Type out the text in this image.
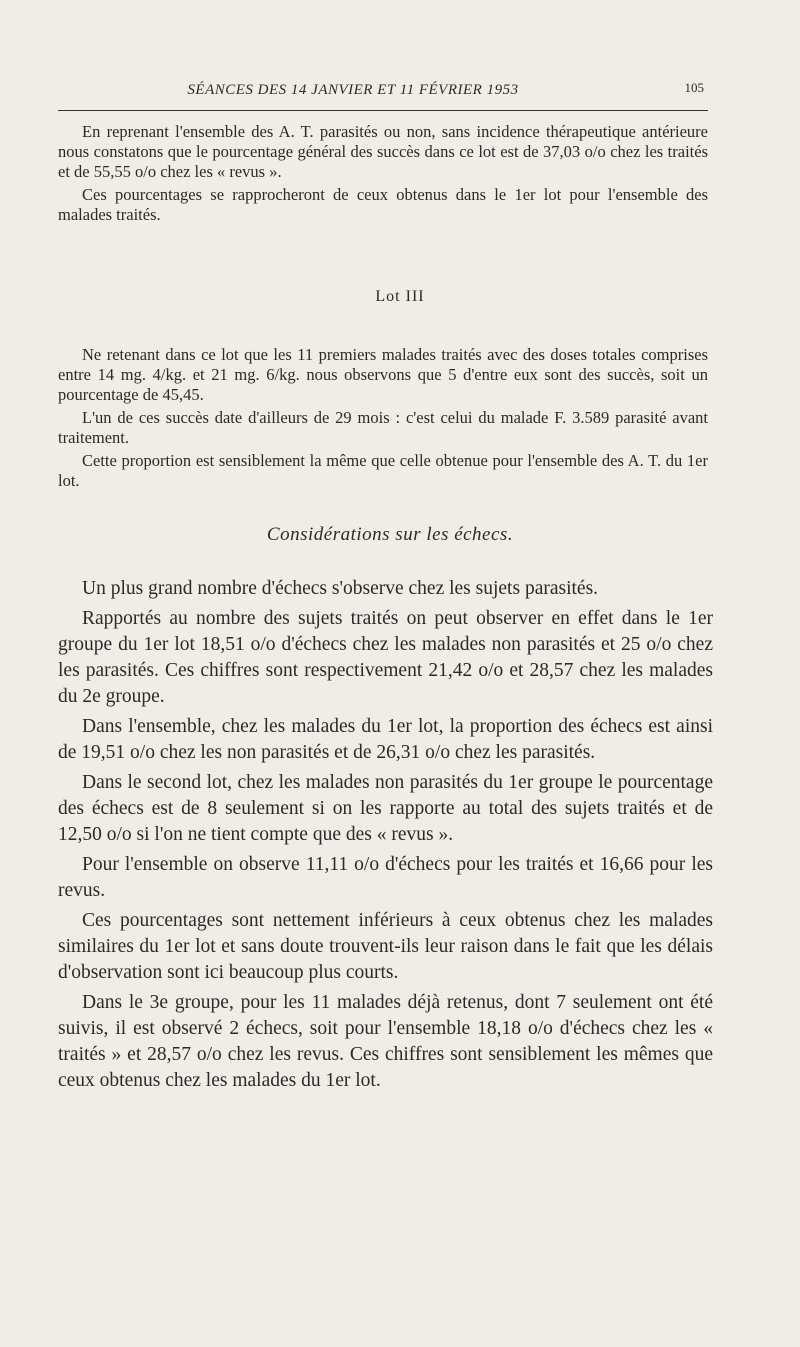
SÉANCES DES 14 JANVIER ET 11 FÉVRIER 1953	105

En reprenant l'ensemble des A. T. parasités ou non, sans incidence thérapeutique antérieure nous constatons que le pourcentage général des succès dans ce lot est de 37,03 o/o chez les traités et de 55,55 o/o chez les « revus ».

Ces pourcentages se rapprocheront de ceux obtenus dans le 1er lot pour l'ensemble des malades traités.

Lot III

Ne retenant dans ce lot que les 11 premiers malades traités avec des doses totales comprises entre 14 mg. 4/kg. et 21 mg. 6/kg. nous observons que 5 d'entre eux sont des succès, soit un pourcentage de 45,45.

L'un de ces succès date d'ailleurs de 29 mois : c'est celui du malade F. 3.589 parasité avant traitement.

Cette proportion est sensiblement la même que celle obtenue pour l'ensemble des A. T. du 1er lot.

Considérations sur les échecs.

Un plus grand nombre d'échecs s'observe chez les sujets parasités.

Rapportés au nombre des sujets traités on peut observer en effet dans le 1er groupe du 1er lot 18,51 o/o d'échecs chez les malades non parasités et 25 o/o chez les parasités. Ces chiffres sont respectivement 21,42 o/o et 28,57 chez les malades du 2e groupe.

Dans l'ensemble, chez les malades du 1er lot, la proportion des échecs est ainsi de 19,51 o/o chez les non parasités et de 26,31 o/o chez les parasités.

Dans le second lot, chez les malades non parasités du 1er groupe le pourcentage des échecs est de 8 seulement si on les rapporte au total des sujets traités et de 12,50 o/o si l'on ne tient compte que des « revus ».

Pour l'ensemble on observe 11,11 o/o d'échecs pour les traités et 16,66 pour les revus.

Ces pourcentages sont nettement inférieurs à ceux obtenus chez les malades similaires du 1er lot et sans doute trouvent-ils leur raison dans le fait que les délais d'observation sont ici beaucoup plus courts.

Dans le 3e groupe, pour les 11 malades déjà retenus, dont 7 seulement ont été suivis, il est observé 2 échecs, soit pour l'ensemble 18,18 o/o d'échecs chez les « traités » et 28,57 o/o chez les revus. Ces chiffres sont sensiblement les mêmes que ceux obtenus chez les malades du 1er lot.
